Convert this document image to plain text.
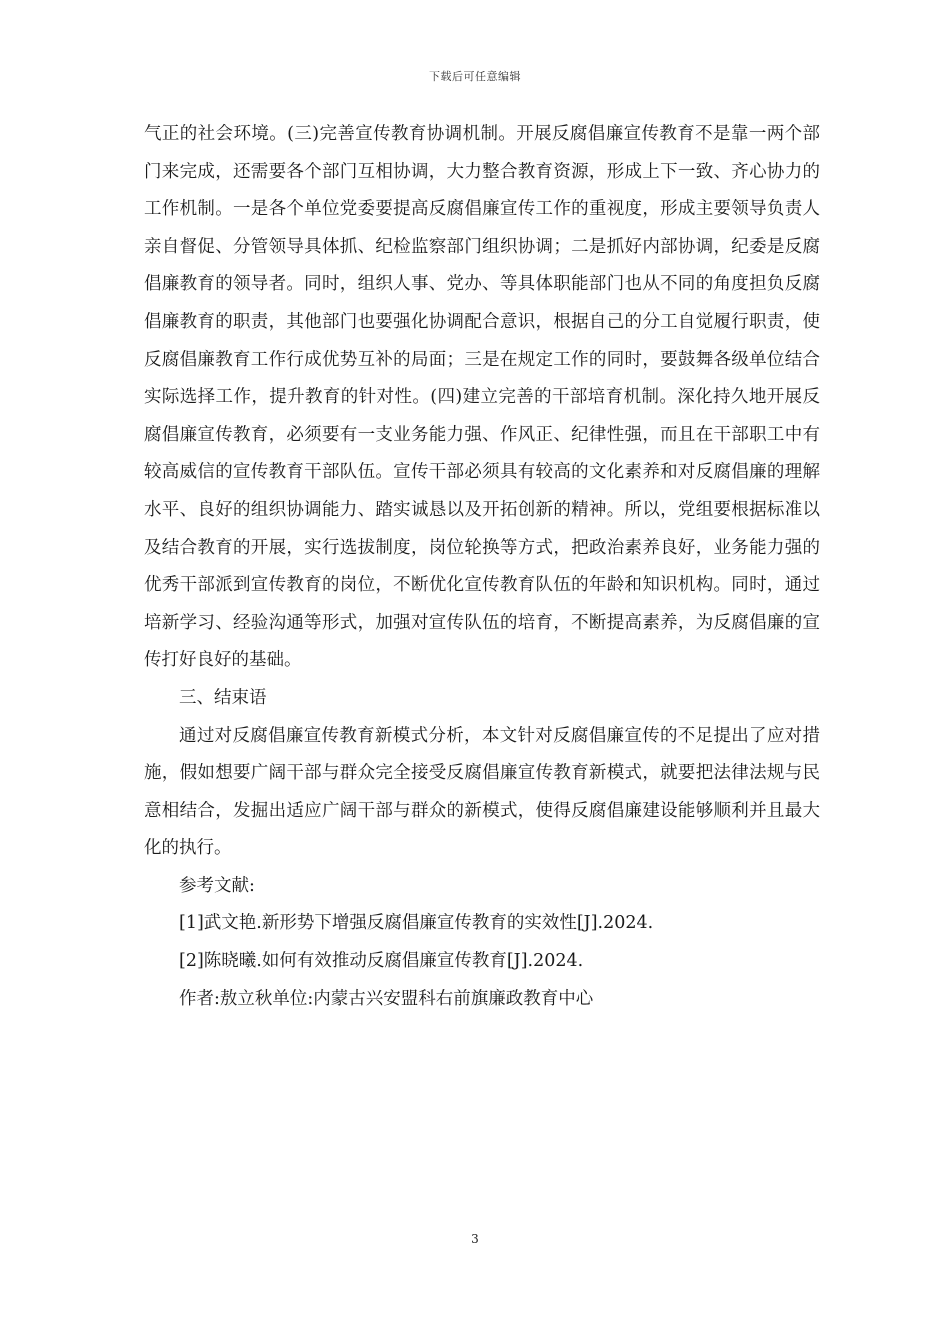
下载后可任意编辑

气正的社会环境。(三)完善宣传教育协调机制。开展反腐倡廉宣传教育不是靠一两个部门来完成，还需要各个部门互相协调，大力整合教育资源，形成上下一致、齐心协力的工作机制。一是各个单位党委要提高反腐倡廉宣传工作的重视度，形成主要领导负责人亲自督促、分管领导具体抓、纪检监察部门组织协调；二是抓好内部协调，纪委是反腐倡廉教育的领导者。同时，组织人事、党办、等具体职能部门也从不同的角度担负反腐倡廉教育的职责，其他部门也要强化协调配合意识，根据自己的分工自觉履行职责，使反腐倡廉教育工作行成优势互补的局面；三是在规定工作的同时，要鼓舞各级单位结合实际选择工作，提升教育的针对性。(四)建立完善的干部培育机制。深化持久地开展反腐倡廉宣传教育，必须要有一支业务能力强、作风正、纪律性强，而且在干部职工中有较高威信的宣传教育干部队伍。宣传干部必须具有较高的文化素养和对反腐倡廉的理解水平、良好的组织协调能力、踏实诚恳以及开拓创新的精神。所以，党组要根据标准以及结合教育的开展，实行选拔制度，岗位轮换等方式，把政治素养良好，业务能力强的优秀干部派到宣传教育的岗位，不断优化宣传教育队伍的年龄和知识机构。同时，通过培新学习、经验沟通等形式，加强对宣传队伍的培育，不断提高素养，为反腐倡廉的宣传打好良好的基础。

三、结束语

通过对反腐倡廉宣传教育新模式分析，本文针对反腐倡廉宣传的不足提出了应对措施，假如想要广阔干部与群众完全接受反腐倡廉宣传教育新模式，就要把法律法规与民意相结合，发掘出适应广阔干部与群众的新模式，使得反腐倡廉建设能够顺利并且最大化的执行。

参考文献:

[1]武文艳.新形势下增强反腐倡廉宣传教育的实效性[J].2024.

[2]陈晓曦.如何有效推动反腐倡廉宣传教育[J].2024.

作者:敖立秋单位:内蒙古兴安盟科右前旗廉政教育中心

3
